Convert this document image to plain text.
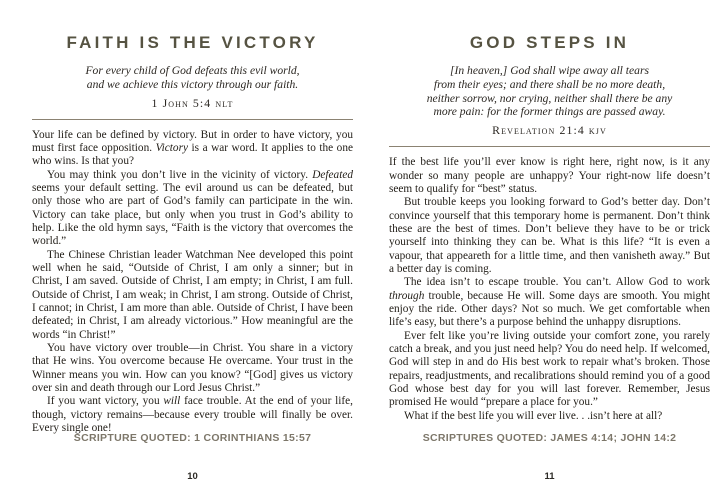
FAITH IS THE VICTORY
For every child of God defeats this evil world,
and we achieve this victory through our faith.
1 John 5:4 nlt

Your life can be defined by victory. But in order to have victory, you must first face opposition. Victory is a war word. It applies to the one who wins. Is that you?

You may think you don’t live in the vicinity of victory. Defeated seems your default setting. The evil around us can be defeated, but only those who are part of God’s family can participate in the win. Victory can take place, but only when you trust in God’s ability to help. Like the old hymn says, “Faith is the victory that overcomes the world.”

The Chinese Christian leader Watchman Nee developed this point well when he said, “Outside of Christ, I am only a sinner; but in Christ, I am saved. Outside of Christ, I am empty; in Christ, I am full. Outside of Christ, I am weak; in Christ, I am strong. Outside of Christ, I cannot; in Christ, I am more than able. Outside of Christ, I have been defeated; in Christ, I am already victorious.” How meaningful are the words “in Christ!”

You have victory over trouble—in Christ. You share in a victory that He wins. You overcome because He overcame. Your trust in the Winner means you win. How can you know? “[God] gives us victory over sin and death through our Lord Jesus Christ.”

If you want victory, you will face trouble. At the end of your life, though, victory remains—because every trouble will finally be over. Every single one!

SCRIPTURE QUOTED: 1 CORINTHIANS 15:57
10
GOD STEPS IN
[In heaven,] God shall wipe away all tears
from their eyes; and there shall be no more death,
neither sorrow, nor crying, neither shall there be any
more pain: for the former things are passed away.
Revelation 21:4 kjv

If the best life you’ll ever know is right here, right now, is it any wonder so many people are unhappy? Your right-now life doesn’t seem to qualify for “best” status.

But trouble keeps you looking forward to God’s better day. Don’t convince yourself that this temporary home is permanent. Don’t think these are the best of times. Don’t believe they have to be or trick yourself into thinking they can be. What is this life? “It is even a vapour, that appeareth for a little time, and then vanisheth away.” But a better day is coming.

The idea isn’t to escape trouble. You can’t. Allow God to work through trouble, because He will. Some days are smooth. You might enjoy the ride. Other days? Not so much. We get comfortable when life’s easy, but there’s a purpose behind the unhappy disruptions.

Ever felt like you’re living outside your comfort zone, you rarely catch a break, and you just need help? You do need help. If welcomed, God will step in and do His best work to repair what’s broken. Those repairs, readjustments, and recalibrations should remind you of a good God whose best day for you will last forever. Remember, Jesus promised He would “prepare a place for you.”

What if the best life you will ever live. . .isn’t here at all?

SCRIPTURES QUOTED: JAMES 4:14; JOHN 14:2
11
